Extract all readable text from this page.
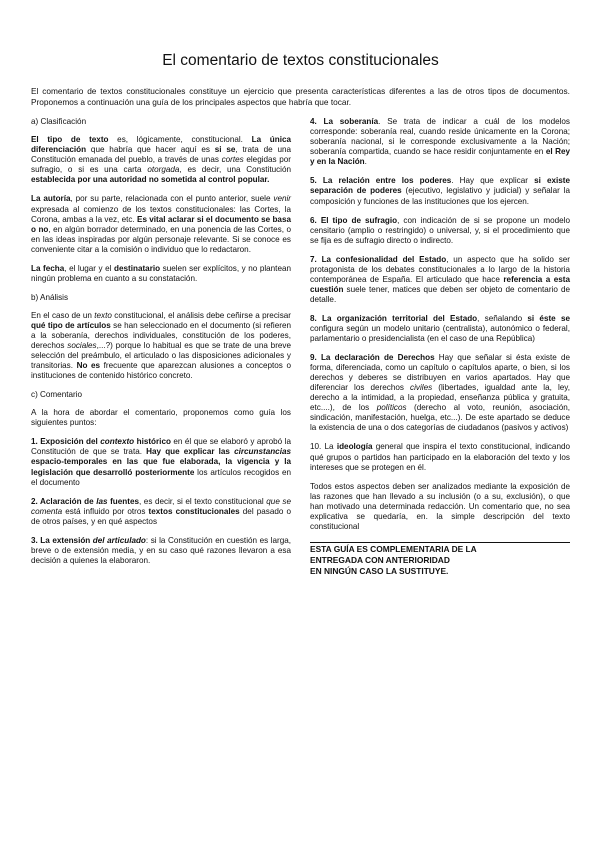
El comentario de textos constitucionales

El comentario de textos constitucionales constituye un ejercicio que presenta características diferentes a las de otros tipos de documentos. Proponemos a continuación una guía de los principales aspectos que habría que tocar.

a) Clasificación

El tipo de texto es, lógicamente, constitucional. La única diferenciación que habría que hacer aquí es si se, trata de una Constitución emanada del pueblo, a través de unas cortes elegidas por sufragio, o si es una carta otorgada, es decir, una Constitución establecida por una autoridad no sometida al control popular.

La autoría, por su parte, relacionada con el punto anterior, suele venir expresada al comienzo de los textos constitucionales: las Cortes, la Corona, ambas a la vez, etc. Es vital aclarar si el documento se basa o no, en algún borrador determinado, en una ponencia de las Cortes, o en las ideas inspiradas por algún personaje relevante. Si se conoce es conveniente citar a la comisión o individuo que lo redactaron.

La fecha, el lugar y el destinatario suelen ser explícitos, y no plantean ningún problema en cuanto a su constatación.

b) Análisis

En el caso de un texto constitucional, el análisis debe ceñirse a precisar qué tipo de artículos se han seleccionado en el documento (si refieren a la soberanía, derechos individuales, constitución de los poderes, derechos sociales,...?) porque lo habitual es que se trate de una breve selección del preámbulo, el articulado o las disposiciones adicionales y transitorias. No es frecuente que aparezcan alusiones a conceptos o instituciones de contenido histórico concreto.

c) Comentario

A la hora de abordar el comentario, proponemos como guía los siguientes puntos:

1. Exposición del contexto histórico en él que se elaboró y aprobó la Constitución de que se trata. Hay que explicar las circunstancias espacio-temporales en las que fue elaborada, la vigencia y la legislación que desarrolló posteriormente los artículos recogidos en el documento

2. Aclaración de las fuentes, es decir, si el texto constitucional que se comenta está influido por otros textos constitucionales del pasado o de otros países, y en qué aspectos

3. La extensión del articulado: si la Constitución en cuestión es larga, breve o de extensión media, y en su caso qué razones llevaron a esa decisión a quienes la elaboraron.

4. La soberanía. Se trata de indicar a cuál de los modelos corresponde: soberanía real, cuando reside únicamente en la Corona; soberanía nacional, si le corresponde exclusivamente a la Nación; soberanía compartida, cuando se hace residir conjuntamente en el Rey y en la Nación.

5. La relación entre los poderes. Hay que explicar si existe separación de poderes (ejecutivo, legislativo y judicial) y señalar la composición y funciones de las instituciones que los ejercen.

6. El tipo de sufragio, con indicación de si se propone un modelo censitario (amplio o restringido) o universal, y, si el procedimiento que se fija es de sufragio directo o indirecto.

7. La confesionalidad del Estado, un aspecto que ha solido ser protagonista de los debates constitucionales a lo largo de la historia contemporánea de España. El articulado que hace referencia a esta cuestión suele tener, matices que deben ser objeto de comentario de detalle.

8. La organización territorial del Estado, señalando si éste se configura según un modelo unitario (centralista), autonómico o federal, parlamentario o presidencialista (en el caso de una República)

9. La declaración de Derechos Hay que señalar si ésta existe de forma, diferenciada, como un capítulo o capítulos aparte, o bien, si los derechos y deberes se distribuyen en varios apartados. Hay que diferenciar los derechos civiles (libertades, igualdad ante la, ley, derecho a la intimidad, a la propiedad, enseñanza pública y gratuita, etc....), de los políticos (derecho al voto, reunión, asociación, sindicación, manifestación, huelga, etc...). De este apartado se deduce la existencia de una o dos categorías de ciudadanos (pasivos y activos)

10. La ideología general que inspira el texto constitucional, indicando qué grupos o partidos han participado en la elaboración del texto y los intereses que se protegen en él.

Todos estos aspectos deben ser analizados mediante la exposición de las razones que han llevado a su inclusión (o a su, exclusión), o que han motivado una determinada redacción. Un comentario que, no sea explicativa se quedaría, en. la simple descripción del texto constitucional

ESTA GUÍA ES COMPLEMENTARIA DE LA
ENTREGADA CON ANTERIORIDAD
EN NINGÚN CASO LA SUSTITUYE.
